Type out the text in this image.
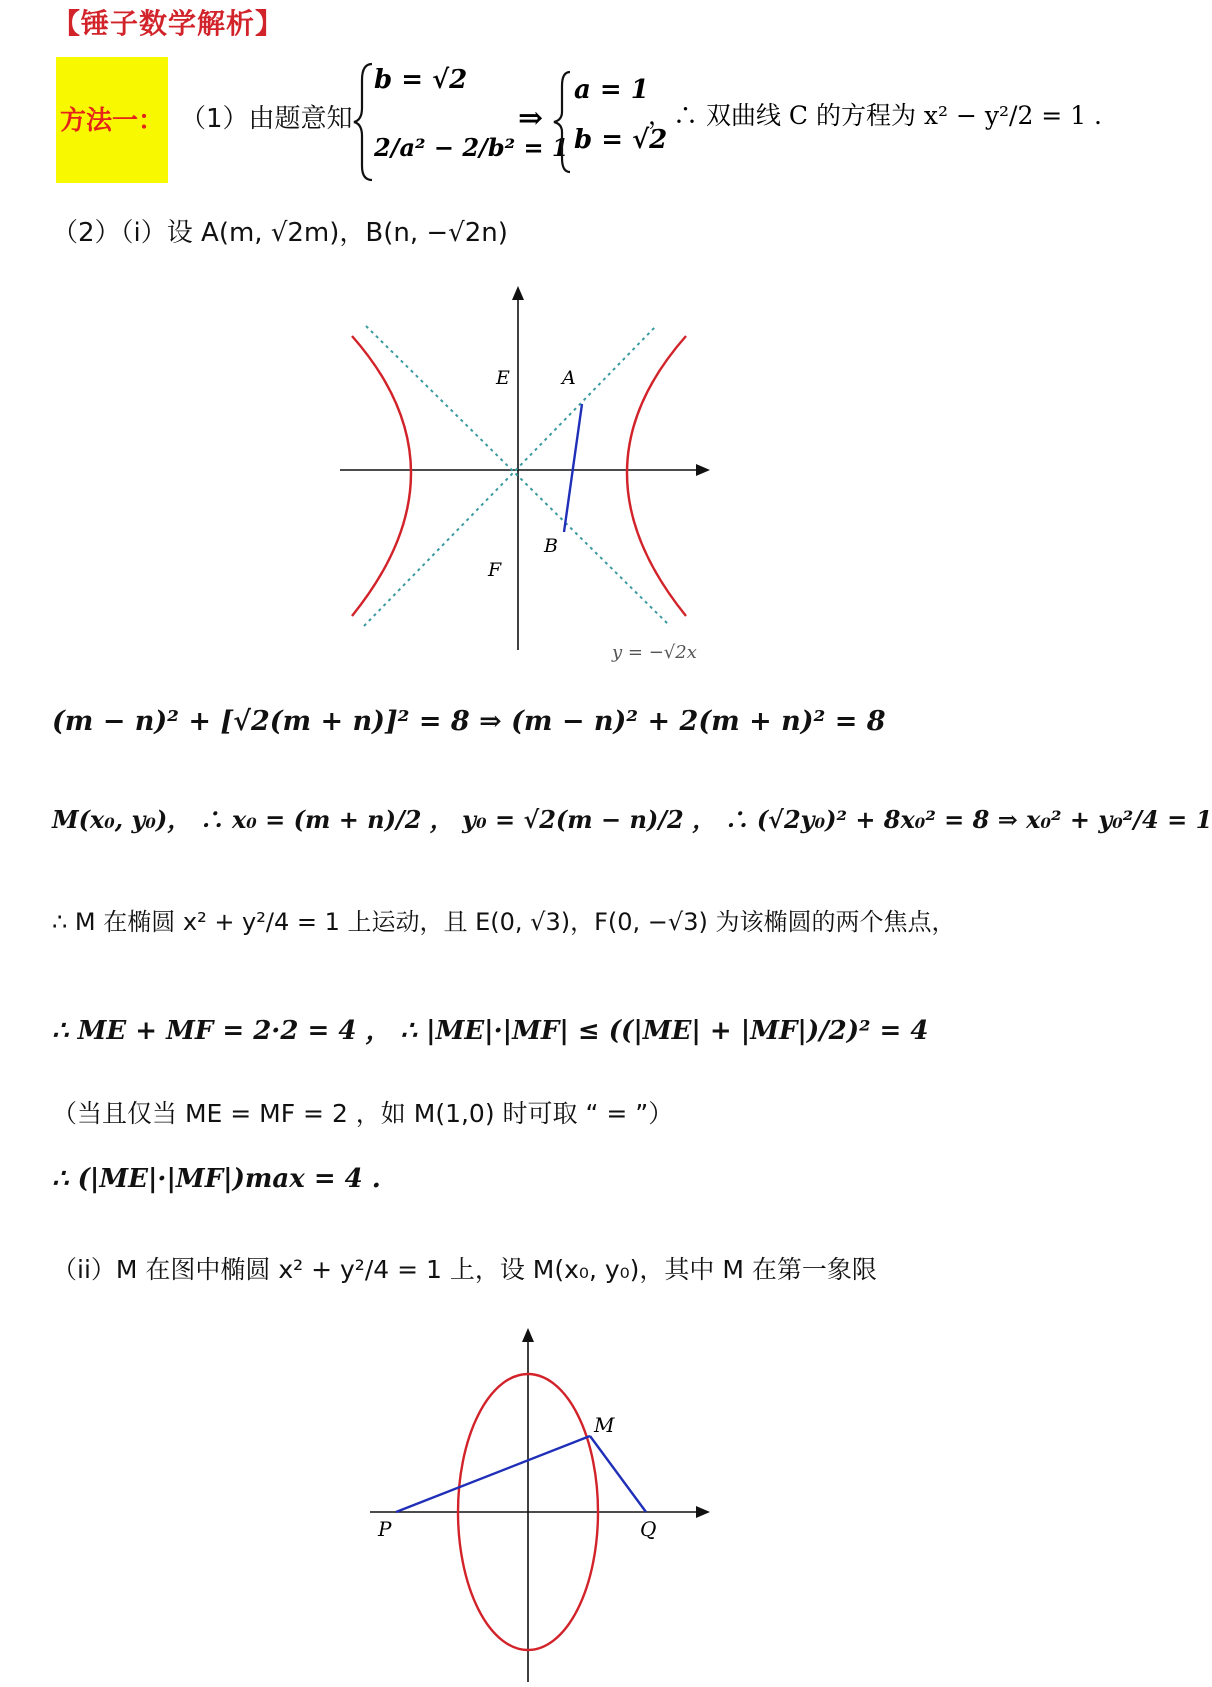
【锤子数学解析】
方法一： （1）由题意知
b = √2
2/a² − 2/b² = 1
⇒
a = 1
b = √2
，∴ 双曲线 C 的方程为 x² − y²/2 = 1 .
（2）（i）设 A(m, √2m)，B(n, −√2n)
E	A
B
F
y = −√2x
(m − n)² + [√2(m + n)]² = 8 ⇒ (m − n)² + 2(m + n)² = 8
M(x₀, y₀)， ∴ x₀ = (m + n)/2 ， y₀ = √2(m − n)/2 ， ∴ (√2y₀)² + 8x₀² = 8 ⇒ x₀² + y₀²/4 = 1
∴ M 在椭圆 x² + y²/4 = 1 上运动，且 E(0, √3)，F(0, −√3) 为该椭圆的两个焦点，
∴ ME + MF = 2·2 = 4 ， ∴ |ME|·|MF| ≤ ((|ME| + |MF|)/2)² = 4
（当且仅当 ME = MF = 2 ，如 M(1,0) 时可取 “ = ”）
∴ (|ME|·|MF|)max = 4 .
（ii）M 在图中椭圆 x² + y²/4 = 1 上，设 M(x₀, y₀)，其中 M 在第一象限
M
P	Q
